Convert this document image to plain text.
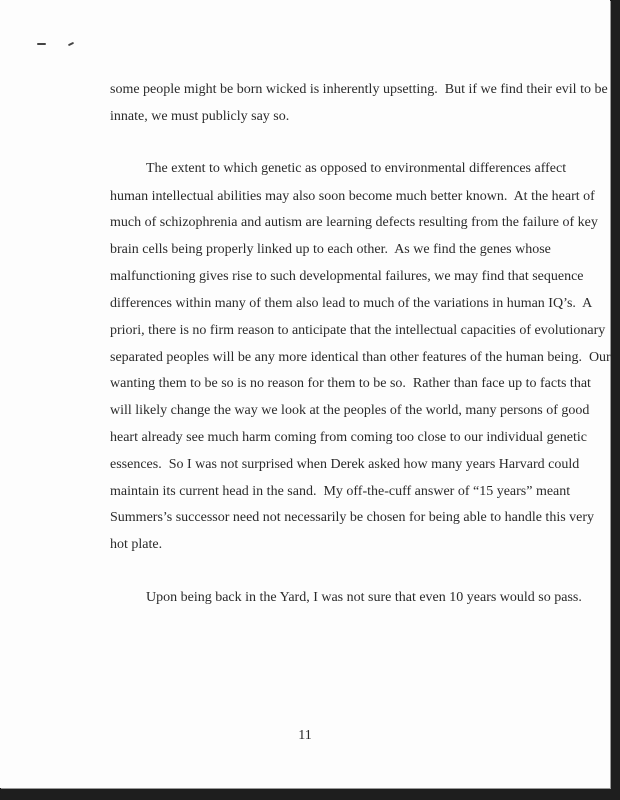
some people might be born wicked is inherently upsetting.  But if we find their evil to be
innate, we must publicly say so.
The extent to which genetic as opposed to environmental differences affect
human intellectual abilities may also soon become much better known.  At the heart of
much of schizophrenia and autism are learning defects resulting from the failure of key
brain cells being properly linked up to each other.  As we find the genes whose
malfunctioning gives rise to such developmental failures, we may find that sequence
differences within many of them also lead to much of the variations in human IQ’s.  A
priori, there is no firm reason to anticipate that the intellectual capacities of evolutionary
separated peoples will be any more identical than other features of the human being.  Our
wanting them to be so is no reason for them to be so.  Rather than face up to facts that
will likely change the way we look at the peoples of the world, many persons of good
heart already see much harm coming from coming too close to our individual genetic
essences.  So I was not surprised when Derek asked how many years Harvard could
maintain its current head in the sand.  My off-the-cuff answer of “15 years” meant
Summers’s successor need not necessarily be chosen for being able to handle this very
hot plate.
Upon being back in the Yard, I was not sure that even 10 years would so pass.
11
